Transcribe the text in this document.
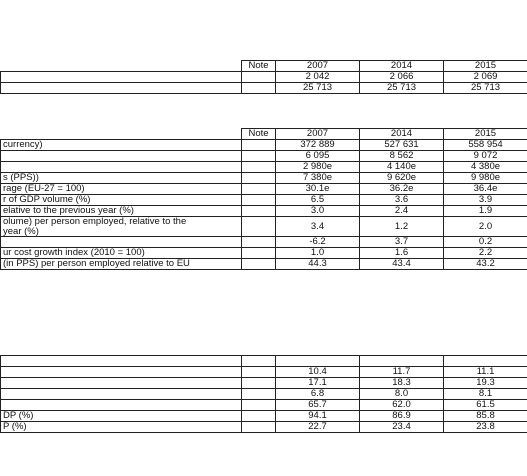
	Note	2007	2014	2015
		2 042	2 066	2 069
		25 713	25 713	25 713
	Note	2007	2014	2015
currency)		372 889	527 631	558 954
		6 095	8 562	9 072
		2 980e	4 140e	4 380e
s (PPS))		7 380e	9 620e	9 980e
rage (EU-27 = 100)		30.1e	36.2e	36.4e
r of GDP volume (%)		6.5	3.6	3.9
elative to the previous year (%)		3.0	2.4	1.9
olume) per person employed, relative to the
year (%)		3.4	1.2	2.0
		-6.2	3.7	0.2
ur cost growth index (2010 = 100)		1.0	1.6	2.2
(in PPS) per person employed relative to EU		44.3	43.4	43.2

		10.4	11.7	11.1
		17.1	18.3	19.3
		6.8	8.0	8.1
		65.7	62.0	61.5
DP (%)		94.1	86.9	85.8
P (%)		22.7	23.4	23.8
